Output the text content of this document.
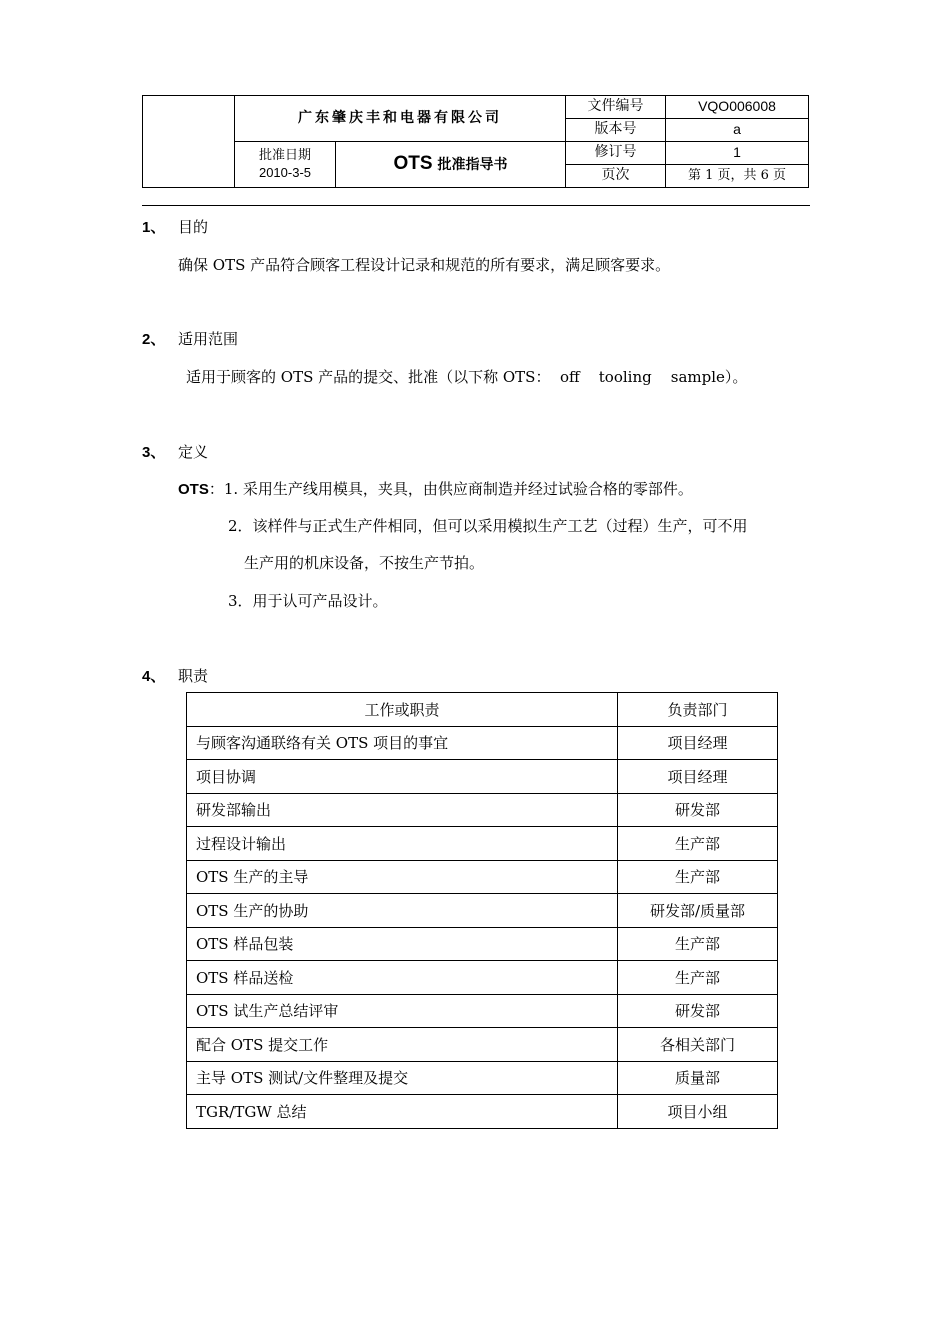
	广东肇庆丰和电器有限公司		文件编号	VQO006008
			版本号	a

	批准日期
2010-3-5	OTS 批准指导书	修订号	1
			页次	第 1 页，共 6 页
1、 目的
确保 OTS 产品符合顾客工程设计记录和规范的所有要求，满足顾客要求。
2、 适用范围
适用于顾客的 OTS 产品的提交、批准（以下称 OTS：  off    tooling    sample）。
3、 定义
OTS：1. 采用生产线用模具，夹具，由供应商制造并经过试验合格的零部件。
2．该样件与正式生产件相同，但可以采用模拟生产工艺（过程）生产，可不用
生产用的机床设备，不按生产节拍。
3．用于认可产品设计。
4、 职责
工作或职责	负责部门
与顾客沟通联络有关 OTS 项目的事宜	项目经理
项目协调	项目经理
研发部输出	研发部
过程设计输出	生产部
OTS 生产的主导	生产部
OTS 生产的协助	研发部/质量部
OTS 样品包装	生产部
OTS 样品送检	生产部
OTS 试生产总结评审	研发部
配合 OTS 提交工作	各相关部门
主导 OTS 测试/文件整理及提交	质量部
TGR/TGW 总结	项目小组
